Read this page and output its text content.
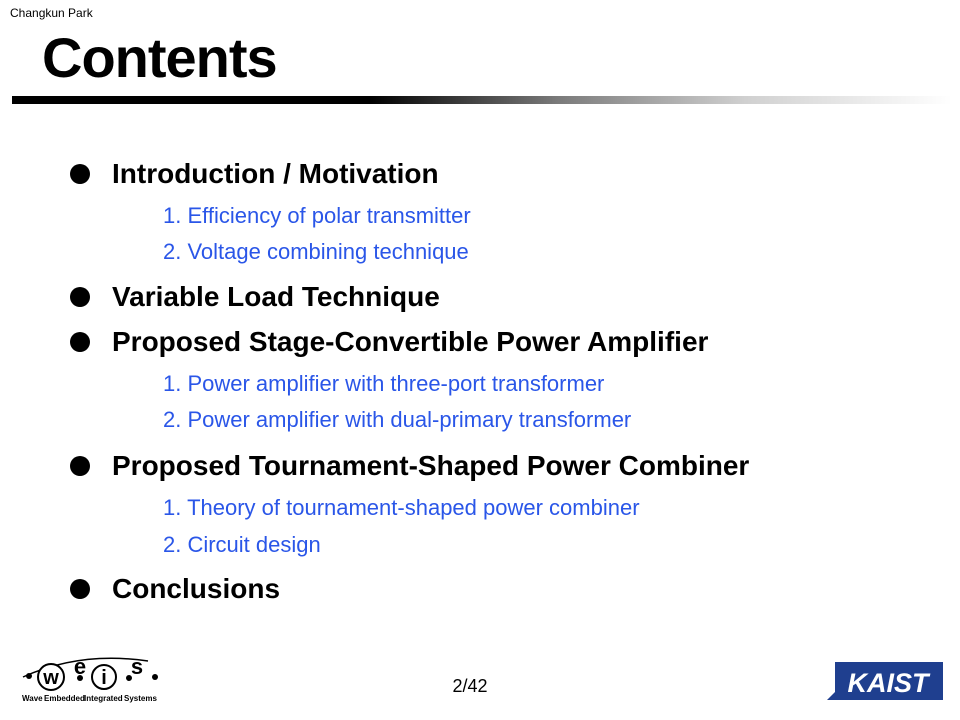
Changkun Park
Contents
Introduction / Motivation
1. Efficiency of polar transmitter
2. Voltage combining technique
Variable Load Technique
Proposed Stage-Convertible Power Amplifier
1. Power amplifier with three-port transformer
2. Power amplifier with dual-primary transformer
Proposed Tournament-Shaped Power Combiner
1. Theory of tournament-shaped power combiner
2. Circuit design
Conclusions
w e i s
Wave Embedded Integrated Systems
2/42	KAIST
